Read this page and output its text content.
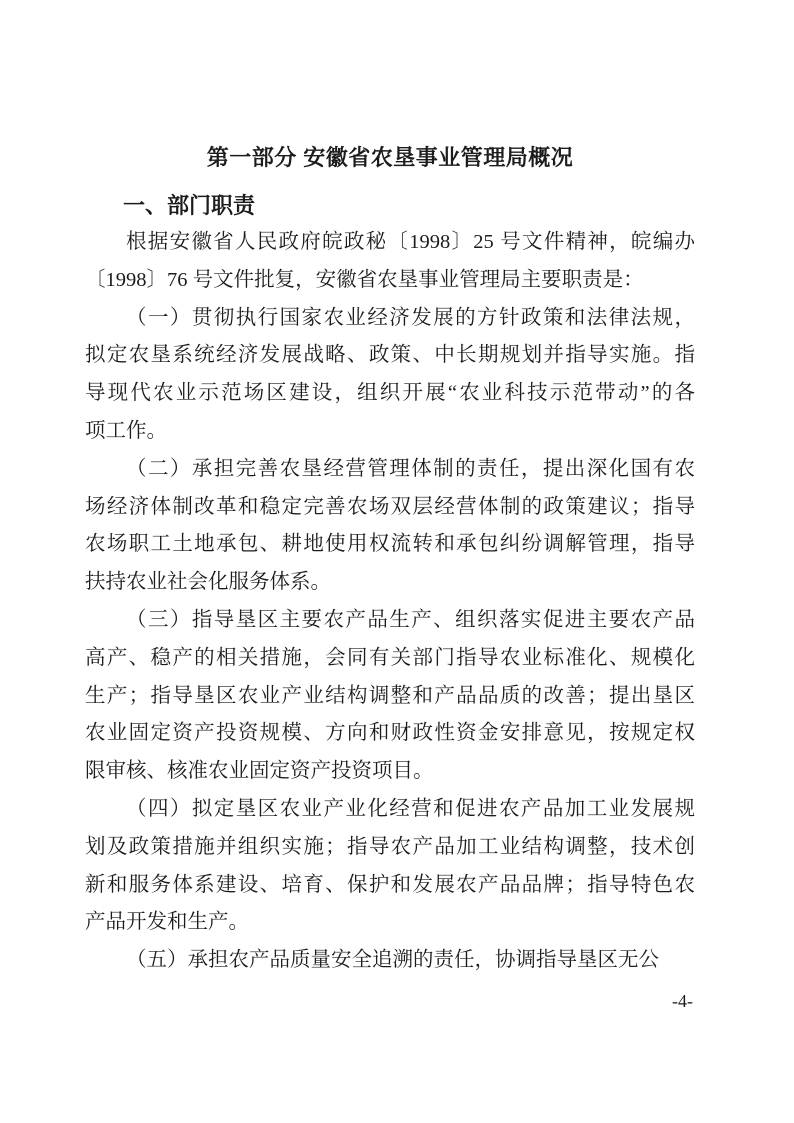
第一部分 安徽省农垦事业管理局概况
一、部门职责
根据安徽省人民政府皖政秘〔1998〕25 号文件精神，皖编办
〔1998〕76 号文件批复，安徽省农垦事业管理局主要职责是：
（一）贯彻执行国家农业经济发展的方针政策和法律法规，
拟定农垦系统经济发展战略、政策、中长期规划并指导实施。指
导现代农业示范场区建设，组织开展“农业科技示范带动”的各
项工作。
（二）承担完善农垦经营管理体制的责任，提出深化国有农
场经济体制改革和稳定完善农场双层经营体制的政策建议；指导
农场职工土地承包、耕地使用权流转和承包纠纷调解管理，指导
扶持农业社会化服务体系。
（三）指导垦区主要农产品生产、组织落实促进主要农产品
高产、稳产的相关措施，会同有关部门指导农业标准化、规模化
生产；指导垦区农业产业结构调整和产品品质的改善；提出垦区
农业固定资产投资规模、方向和财政性资金安排意见，按规定权
限审核、核准农业固定资产投资项目。
（四）拟定垦区农业产业化经营和促进农产品加工业发展规
划及政策措施并组织实施；指导农产品加工业结构调整，技术创
新和服务体系建设、培育、保护和发展农产品品牌；指导特色农
产品开发和生产。
（五）承担农产品质量安全追溯的责任，协调指导垦区无公
-4-
